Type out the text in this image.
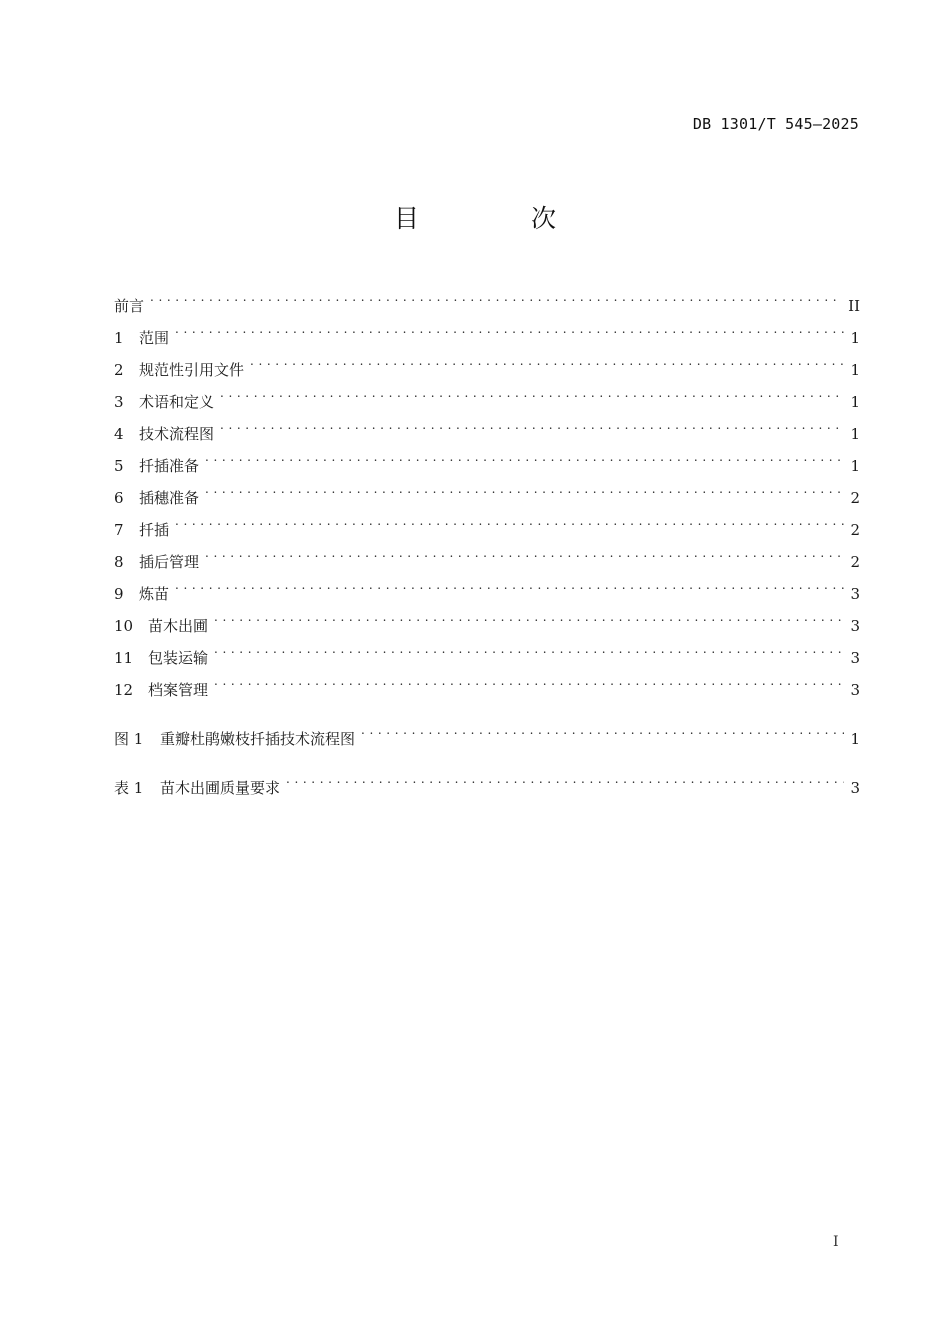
DB 1301/T 545—2025
目 次
前言 . . .	II
1	范围 . . .	1
2	规范性引用文件 . . .	1
3	术语和定义 . . .	1
4	技术流程图 . . .	1
5	扦插准备 . . .	1
6	插穗准备 . . .	2
7	扦插 . . .	2
8	插后管理 . . .	2
9	炼苗 . . .	3
10 苗木出圃 . . .	3
11 包装运输 . . .	3
12 档案管理 . . .	3
图 1	重瓣杜鹃嫩枝扦插技术流程图 . . .	1
表 1	苗木出圃质量要求 . . .	3
I
